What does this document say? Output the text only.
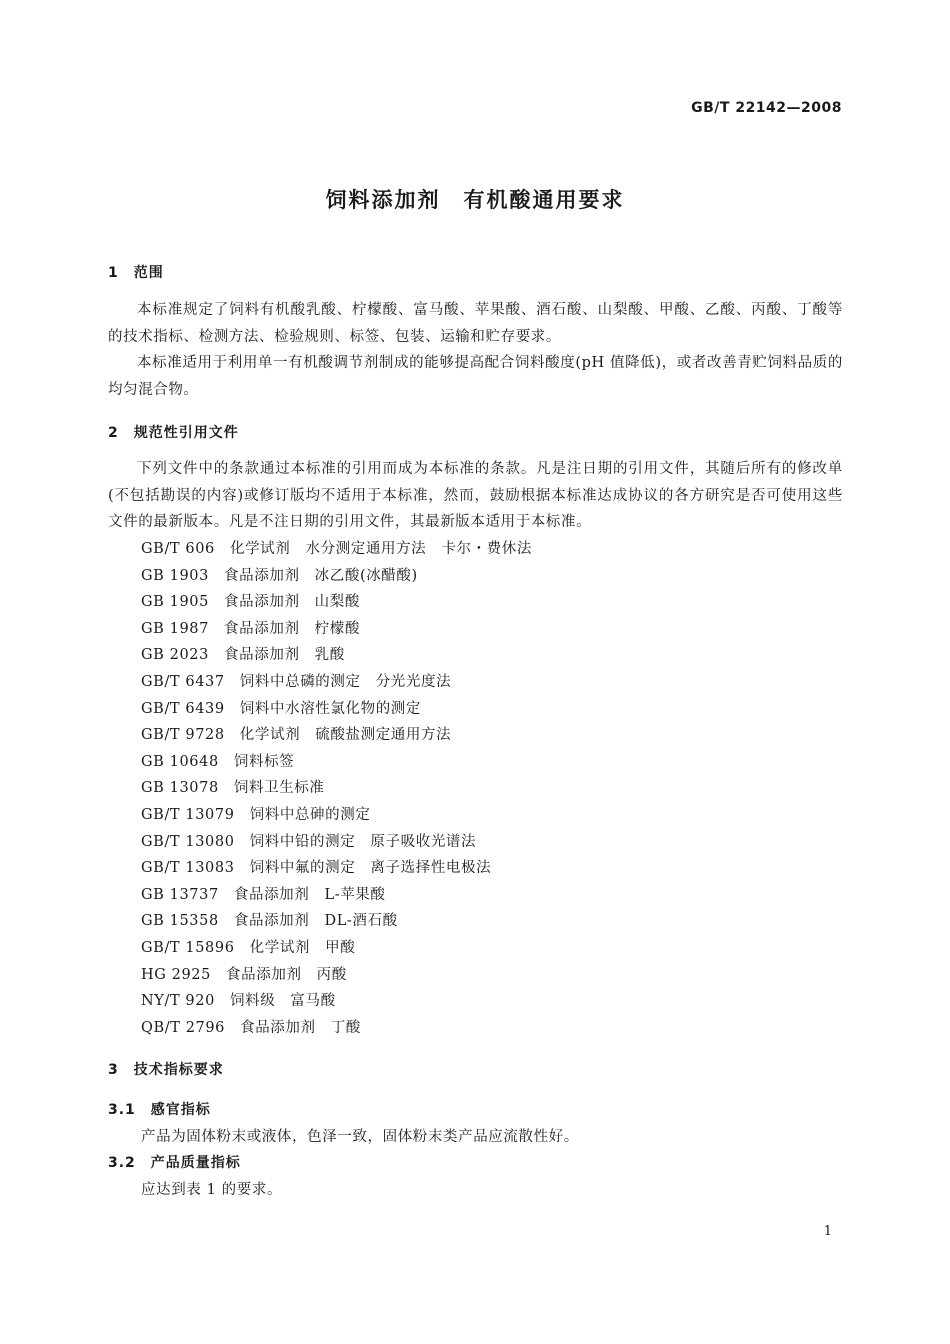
GB/T 22142—2008
饲料添加剂　有机酸通用要求
1　范围

本标准规定了饲料有机酸乳酸、柠檬酸、富马酸、苹果酸、酒石酸、山梨酸、甲酸、乙酸、丙酸、丁酸等的技术指标、检测方法、检验规则、标签、包装、运输和贮存要求。

本标准适用于利用单一有机酸调节剂制成的能够提高配合饲料酸度(pH 值降低)，或者改善青贮饲料品质的均匀混合物。

2　规范性引用文件

下列文件中的条款通过本标准的引用而成为本标准的条款。凡是注日期的引用文件，其随后所有的修改单(不包括勘误的内容)或修订版均不适用于本标准，然而，鼓励根据本标准达成协议的各方研究是否可使用这些文件的最新版本。凡是不注日期的引用文件，其最新版本适用于本标准。

GB/T 606　化学试剂　水分测定通用方法　卡尔・费休法
GB 1903　食品添加剂　冰乙酸(冰醋酸)
GB 1905　食品添加剂　山梨酸
GB 1987　食品添加剂　柠檬酸
GB 2023　食品添加剂　乳酸
GB/T 6437　饲料中总磷的测定　分光光度法
GB/T 6439　饲料中水溶性氯化物的测定
GB/T 9728　化学试剂　硫酸盐测定通用方法
GB 10648　饲料标签
GB 13078　饲料卫生标准
GB/T 13079　饲料中总砷的测定
GB/T 13080　饲料中铅的测定　原子吸收光谱法
GB/T 13083　饲料中氟的测定　离子选择性电极法
GB 13737　食品添加剂　L-苹果酸
GB 15358　食品添加剂　DL-酒石酸
GB/T 15896　化学试剂　甲酸
HG 2925　食品添加剂　丙酸
NY/T 920　饲料级　富马酸
QB/T 2796　食品添加剂　丁酸
3　技术指标要求
3.1　感官指标
产品为固体粉末或液体，色泽一致，固体粉末类产品应流散性好。
3.2　产品质量指标
应达到表 1 的要求。
1
